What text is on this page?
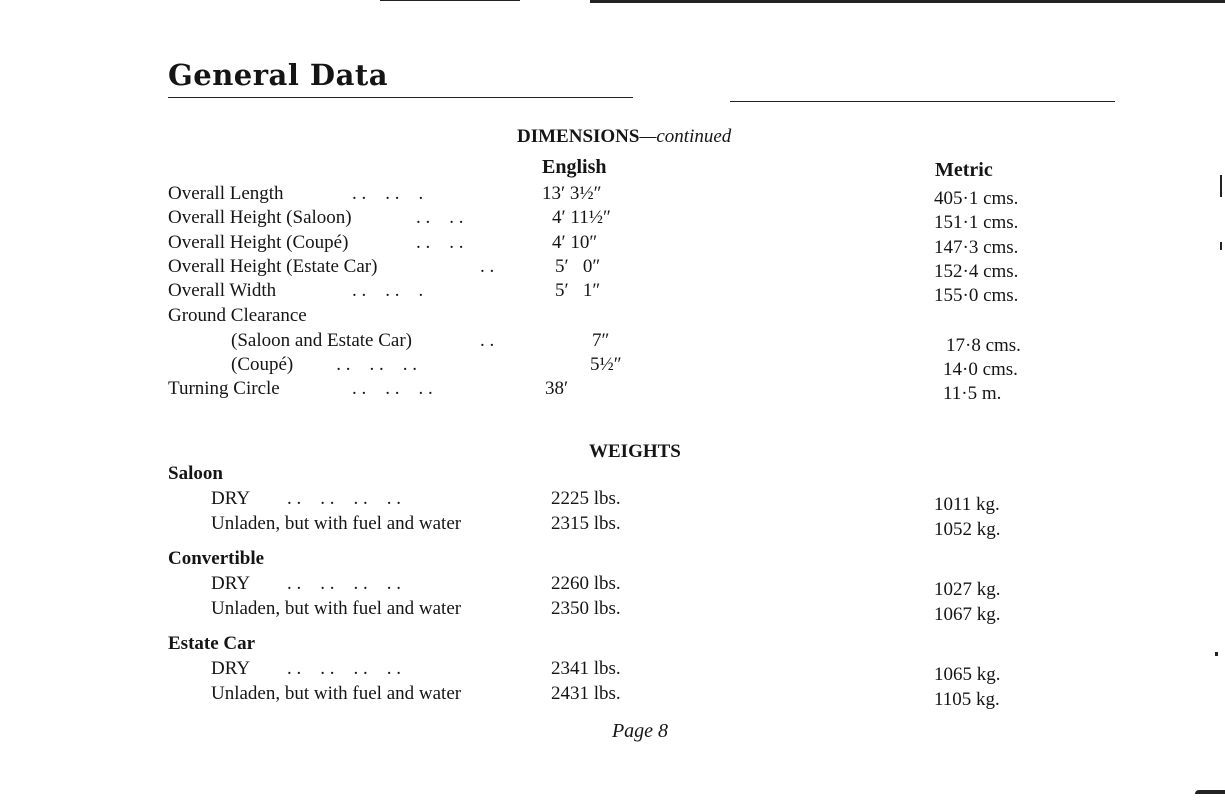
General Data
DIMENSIONS—continued
English	Metric
Overall Length	. .    . .    .	13′ 3½″	405·1 cms.
Overall Height (Saloon)	. .    . .	4′ 11½″	151·1 cms.
Overall Height (Coupé)	. .    . .	4′ 10″	147·3 cms.
Overall Height (Estate Car)	. .	5′   0″	152·4 cms.
Overall Width	. .    . .    .	5′   1″	155·0 cms.
Ground Clearance
(Saloon and Estate Car)	. .	7″	17·8 cms.
(Coupé) . .    . .    . .	5½″	14·0 cms.
Turning Circle	. .    . .    . .	38′	11·5 m.
WEIGHTS
Saloon
DRY . .    . .    . .    . .	2225 lbs.	1011 kg.
Unladen, but with fuel and water	2315 lbs.	1052 kg.
Convertible
DRY . .    . .    . .    . .	2260 lbs.	1027 kg.
Unladen, but with fuel and water	2350 lbs.	1067 kg.
Estate Car
DRY . .    . .    . .    . .	2341 lbs.	1065 kg.
Unladen, but with fuel and water	2431 lbs.	1105 kg.
Page 8
